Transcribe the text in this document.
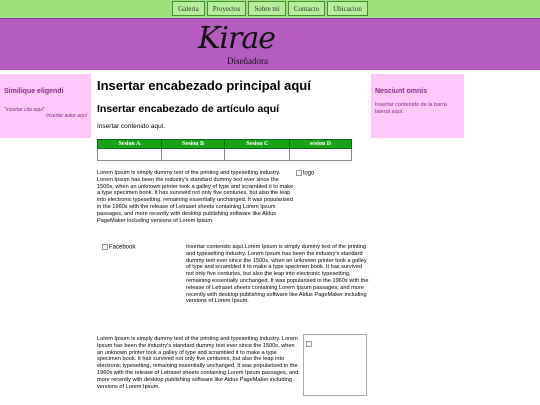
Galeria	Proyectos	Sobre mi	Contacto	Ubicacion
Kirae
Diseñadora
Similique eligendi
"Insertar cita aquí"
Insertar autor aquí
Nesciunt omnis
Insertar contenido de la barra lateral aquí.
Insertar encabezado principal aquí
Insertar encabezado de artículo aquí
Insertar contenido aquí.
Sesion A	Sesion B	Sesion C	sesion D

Lorem Ipsum is simply dummy text of the printing and typesetting industry. Lorem Ipsum has been the industry's standard dummy text ever since the 1500s, when an unknown printer took a galley of type and scrambled it to make a type specimen book. It has survived not only five centuries, but also the leap into electronic typesetting, remaining essentially unchanged. It was popularised in the 1960s with the release of Letraset sheets containing Lorem Ipsum passages, and more recently with desktop publishing software like Aldus PageMaker including versions of Lorem Ipsum.
logo
Facebook	Insertar contenido aqui.Lorem Ipsum is simply dummy text of the printing and typesetting industry. Lorem Ipsum has been the industry's standard dummy text ever since the 1500s, when an unknown printer took a galley of type and scrambled it to make a type specimen book. It has survived not only five centuries, but also the leap into electronic typesetting, remaining essentially unchanged. It was popularised in the 1960s with the release of Letraset sheets containing Lorem Ipsum passages, and more recently with desktop publishing software like Aldus PageMaker including versions of Lorem Ipsum.
Lorem Ipsum is simply dummy text of the printing and typesetting industry. Lorem Ipsum has been the industry's standard dummy text ever since the 1500s, when an unknown printer took a galley of type and scrambled it to make a type specimen book. It has survived not only five centuries, but also the leap into electronic typesetting, remaining essentially unchanged. It was popularised in the 1960s with the release of Letraset sheets containing Lorem Ipsum passages, and more recently with desktop publishing software like Aldus PageMaker including versions of Lorem Ipsum.
